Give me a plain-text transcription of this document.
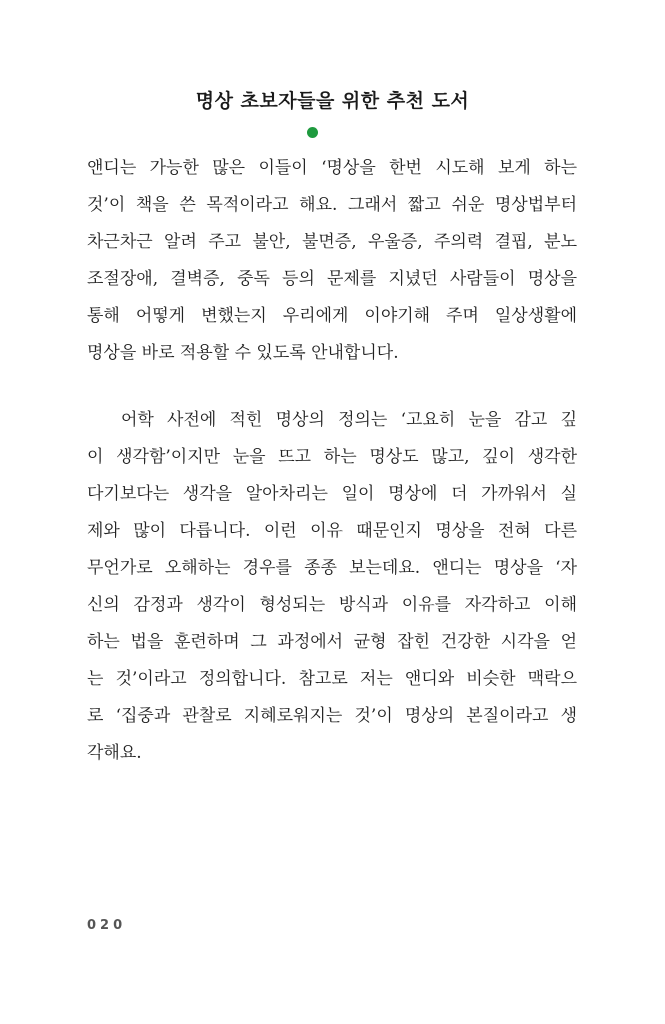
명상 초보자들을 위한 추천 도서
앤디는 가능한 많은 이들이 ‘명상을 한번 시도해 보게 하는
것’이 책을 쓴 목적이라고 해요. 그래서 짧고 쉬운 명상법부터
차근차근 알려 주고 불안, 불면증, 우울증, 주의력 결핍, 분노
조절장애, 결벽증, 중독 등의 문제를 지녔던 사람들이 명상을
통해 어떻게 변했는지 우리에게 이야기해 주며 일상생활에
명상을 바로 적용할 수 있도록 안내합니다.
어학 사전에 적힌 명상의 정의는 ‘고요히 눈을 감고 깊
이 생각함’이지만 눈을 뜨고 하는 명상도 많고, 깊이 생각한
다기보다는 생각을 알아차리는 일이 명상에 더 가까워서 실
제와 많이 다릅니다. 이런 이유 때문인지 명상을 전혀 다른
무언가로 오해하는 경우를 종종 보는데요. 앤디는 명상을 ‘자
신의 감정과 생각이 형성되는 방식과 이유를 자각하고 이해
하는 법을 훈련하며 그 과정에서 균형 잡힌 건강한 시각을 얻
는 것’이라고 정의합니다. 참고로 저는 앤디와 비슷한 맥락으
로 ‘집중과 관찰로 지혜로워지는 것’이 명상의 본질이라고 생
각해요.
020
